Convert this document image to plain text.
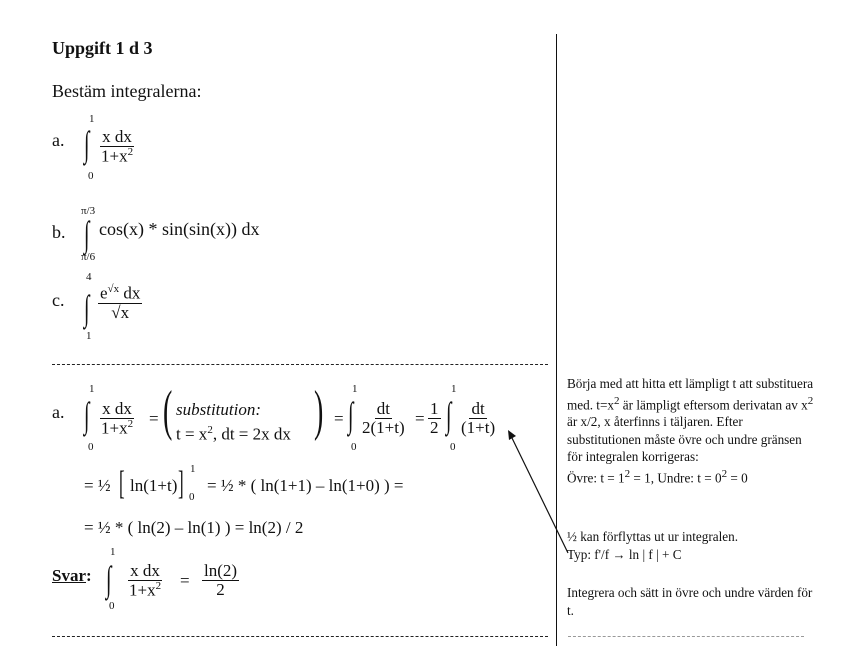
Uppgift 1 d 3
Bestäm integralerna:
a.
1
∫
0
$\frac{\text{x dx}}{1+x^2}$
b.
π/3
∫
π/6
cos(x) * sin(sin(x)) dx
c.
4
∫
1
$\frac{e^{√x} dx}{√x}$
a.
1
∫
0
$\frac{\text{x dx}}{1+x^2}$ = ( substitution:
$t = x^2$, dt = 2x dx ) =
1
∫
0
$\frac{dt}{2(1+t)} = \frac{1}{2}$
1
∫
0
$\frac{dt}{(1+t)}$
= ½ [ ln(1+t) ] 1
0
= ½ * ( ln(1+1) – ln(1+0) ) =
= ½ * ( ln(2) – ln(1) ) = ln(2) / 2
Svar:
1
∫
0
$\frac{\text{x dx}}{1+x^2} = \frac{\ln(2)}{2}$

Börja med att hitta ett lämpligt t att substituera med. $t=x^2$ är lämpligt eftersom derivatan av $x^2$ är x/2, x återfinns i täljaren. Efter substitutionen måste övre och undre gränsen för integralen korrigeras:

Övre: $t = 1^2 = 1$, Undre: $t = 0^2 = 0$

½ kan förflyttas ut ur integralen.

Typ: f'/f → ln | f | + C

Integrera och sätt in övre och undre värden för t.
